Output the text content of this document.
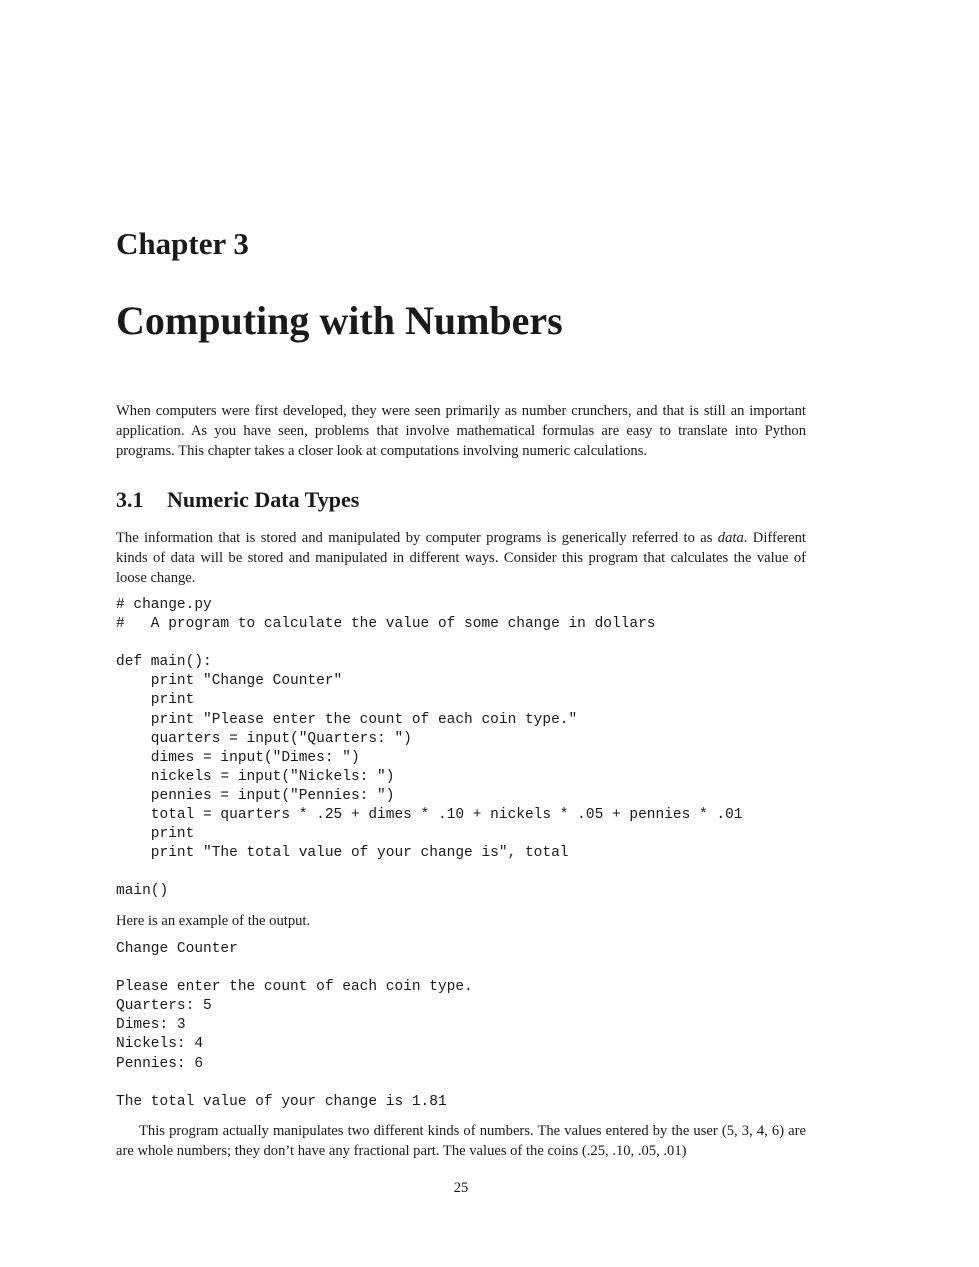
Chapter 3
Computing with Numbers

When computers were first developed, they were seen primarily as number crunchers, and that is still an important application. As you have seen, problems that involve mathematical formulas are easy to translate into Python programs. This chapter takes a closer look at computations involving numeric calculations.

3.1 Numeric Data Types

The information that is stored and manipulated by computer programs is generically referred to as data. Different kinds of data will be stored and manipulated in different ways. Consider this program that calculates the value of loose change.

# change.py
#   A program to calculate the value of some change in dollars

def main():
print "Change Counter"
print
print "Please enter the count of each coin type."
quarters = input("Quarters: ")
dimes = input("Dimes: ")
nickels = input("Nickels: ")
pennies = input("Pennies: ")
total = quarters * .25 + dimes * .10 + nickels * .05 + pennies * .01
print
print "The total value of your change is", total

main()

Here is an example of the output.

Change Counter

Please enter the count of each coin type.
Quarters: 5
Dimes: 3
Nickels: 4
Pennies: 6

The total value of your change is 1.81

This program actually manipulates two different kinds of numbers. The values entered by the user (5, 3, 4, 6) are are whole numbers; they don’t have any fractional part. The values of the coins (.25, .10, .05, .01)

25
